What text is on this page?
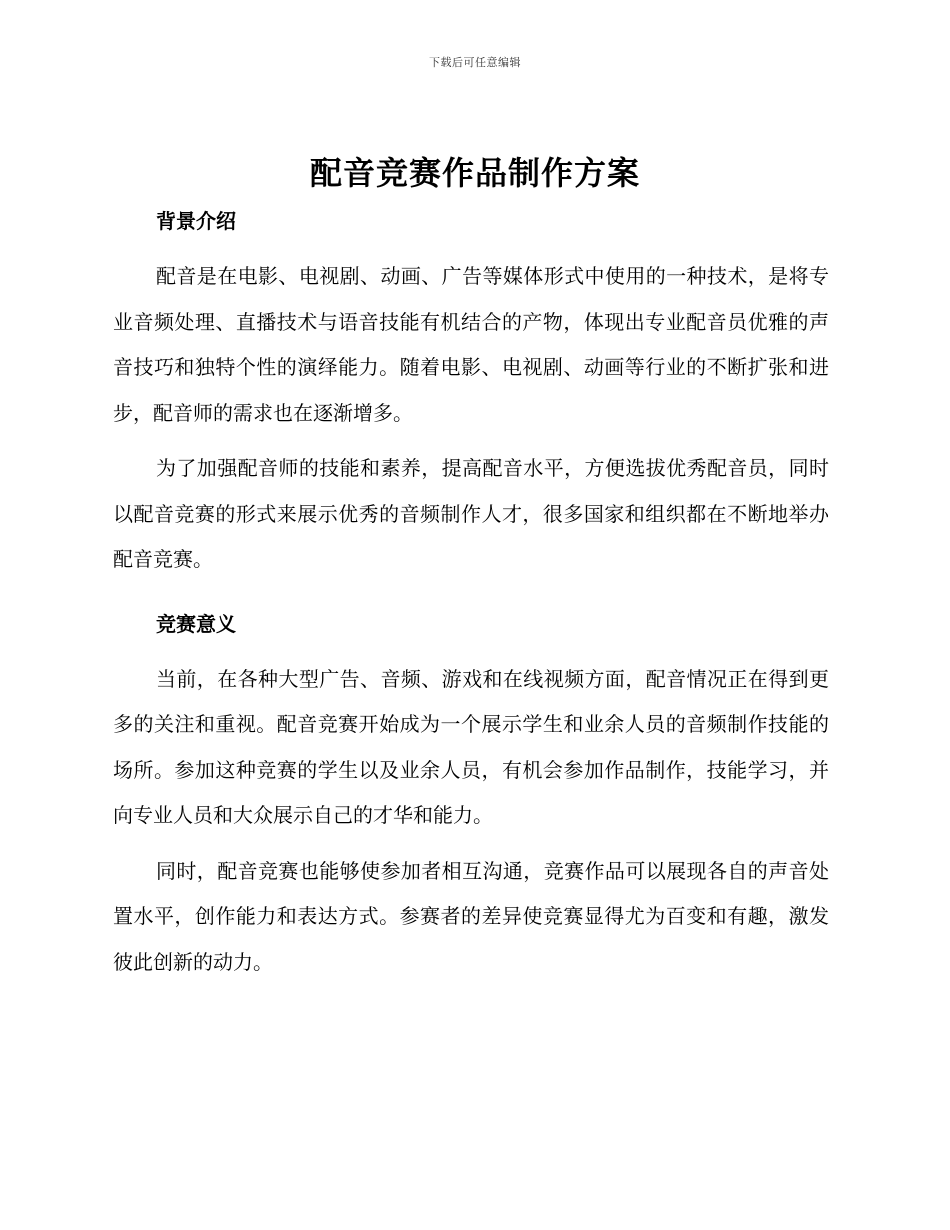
下载后可任意编辑
配音竞赛作品制作方案
背景介绍

配音是在电影、电视剧、动画、广告等媒体形式中使用的一种技术，是将专业音频处理、直播技术与语音技能有机结合的产物，体现出专业配音员优雅的声音技巧和独特个性的演绎能力。随着电影、电视剧、动画等行业的不断扩张和进步，配音师的需求也在逐渐增多。

为了加强配音师的技能和素养，提高配音水平，方便选拔优秀配音员，同时以配音竞赛的形式来展示优秀的音频制作人才，很多国家和组织都在不断地举办配音竞赛。

竞赛意义

当前，在各种大型广告、音频、游戏和在线视频方面，配音情况正在得到更多的关注和重视。配音竞赛开始成为一个展示学生和业余人员的音频制作技能的场所。参加这种竞赛的学生以及业余人员，有机会参加作品制作，技能学习，并向专业人员和大众展示自己的才华和能力。

同时，配音竞赛也能够使参加者相互沟通，竞赛作品可以展现各自的声音处置水平，创作能力和表达方式。参赛者的差异使竞赛显得尤为百变和有趣，激发彼此创新的动力。
